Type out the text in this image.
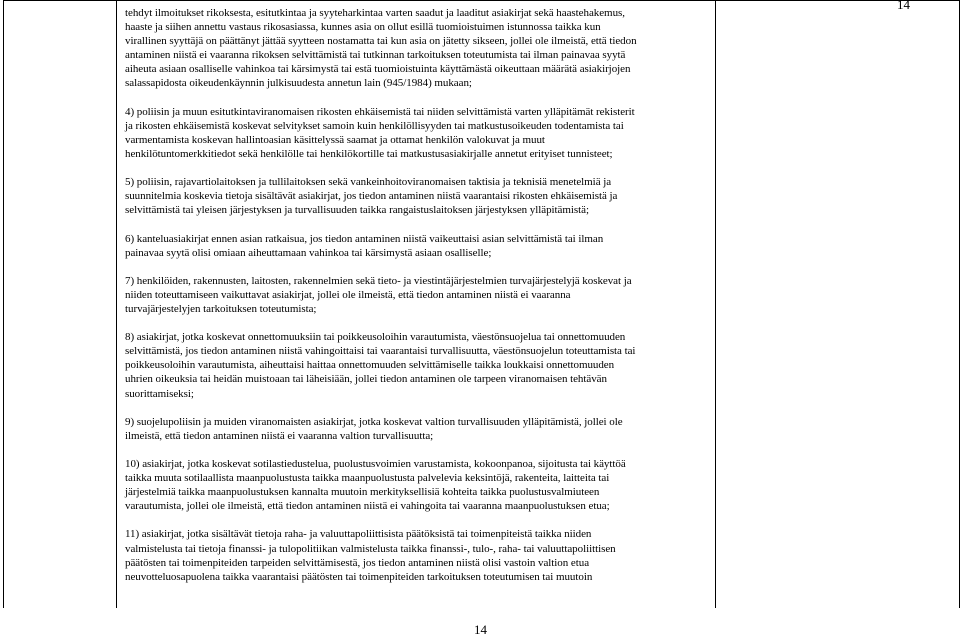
14

tehdyt ilmoitukset rikoksesta, esitutkintaa ja syyteharkintaa varten saadut ja laaditut asiakirjat sekä haastehakemus,
haaste ja siihen annettu vastaus rikosasiassa, kunnes asia on ollut esillä tuomioistuimen istunnossa taikka kun
virallinen syyttäjä on päättänyt jättää syytteen nostamatta tai kun asia on jätetty sikseen, jollei ole ilmeistä, että tiedon
antaminen niistä ei vaaranna rikoksen selvittämistä tai tutkinnan tarkoituksen toteutumista tai ilman painavaa syytä
aiheuta asiaan osalliselle vahinkoa tai kärsimystä tai estä tuomioistuinta käyttämästä oikeuttaan määrätä asiakirjojen
salassapidosta oikeudenkäynnin julkisuudesta annetun lain (945/1984) mukaan;

4) poliisin ja muun esitutkintaviranomaisen rikosten ehkäisemistä tai niiden selvittämistä varten ylläpitämät rekisterit
ja rikosten ehkäisemistä koskevat selvitykset samoin kuin henkilöllisyyden tai matkustusoikeuden todentamista tai
varmentamista koskevan hallintoasian käsittelyssä saamat ja ottamat henkilön valokuvat ja muut
henkilötuntomerkkitiedot sekä henkilölle tai henkilökortille tai matkustusasiakirjalle annetut erityiset tunnisteet;

5) poliisin, rajavartiolaitoksen ja tullilaitoksen sekä vankeinhoitoviranomaisen taktisia ja teknisiä menetelmiä ja
suunnitelmia koskevia tietoja sisältävät asiakirjat, jos tiedon antaminen niistä vaarantaisi rikosten ehkäisemistä ja
selvittämistä tai yleisen järjestyksen ja turvallisuuden taikka rangaistuslaitoksen järjestyksen ylläpitämistä;

6) kanteluasiakirjat ennen asian ratkaisua, jos tiedon antaminen niistä vaikeuttaisi asian selvittämistä tai ilman
painavaa syytä olisi omiaan aiheuttamaan vahinkoa tai kärsimystä asiaan osalliselle;

7) henkilöiden, rakennusten, laitosten, rakennelmien sekä tieto- ja viestintäjärjestelmien turvajärjestelyjä koskevat ja
niiden toteuttamiseen vaikuttavat asiakirjat, jollei ole ilmeistä, että tiedon antaminen niistä ei vaaranna
turvajärjestelyjen tarkoituksen toteutumista;

8) asiakirjat, jotka koskevat onnettomuuksiin tai poikkeusoloihin varautumista, väestönsuojelua tai onnettomuuden
selvittämistä, jos tiedon antaminen niistä vahingoittaisi tai vaarantaisi turvallisuutta, väestönsuojelun toteuttamista tai
poikkeusoloihin varautumista, aiheuttaisi haittaa onnettomuuden selvittämiselle taikka loukkaisi onnettomuuden
uhrien oikeuksia tai heidän muistoaan tai läheisiään, jollei tiedon antaminen ole tarpeen viranomaisen tehtävän
suorittamiseksi;

9) suojelupoliisin ja muiden viranomaisten asiakirjat, jotka koskevat valtion turvallisuuden ylläpitämistä, jollei ole
ilmeistä, että tiedon antaminen niistä ei vaaranna valtion turvallisuutta;

10) asiakirjat, jotka koskevat sotilastiedustelua, puolustusvoimien varustamista, kokoonpanoa, sijoitusta tai käyttöä
taikka muuta sotilaallista maanpuolustusta taikka maanpuolustusta palvelevia keksintöjä, rakenteita, laitteita tai
järjestelmiä taikka maanpuolustuksen kannalta muutoin merkityksellisiä kohteita taikka puolustusvalmiuteen
varautumista, jollei ole ilmeistä, että tiedon antaminen niistä ei vahingoita tai vaaranna maanpuolustuksen etua;

11) asiakirjat, jotka sisältävät tietoja raha- ja valuuttapoliittisista päätöksistä tai toimenpiteistä taikka niiden
valmistelusta tai tietoja finanssi- ja tulopolitiikan valmistelusta taikka finanssi-, tulo-, raha- tai valuuttapoliittisen
päätösten tai toimenpiteiden tarpeiden selvittämisestä, jos tiedon antaminen niistä olisi vastoin valtion etua
neuvotteluosapuolena taikka vaarantaisi päätösten tai toimenpiteiden tarkoituksen toteutumisen tai muutoin

14
